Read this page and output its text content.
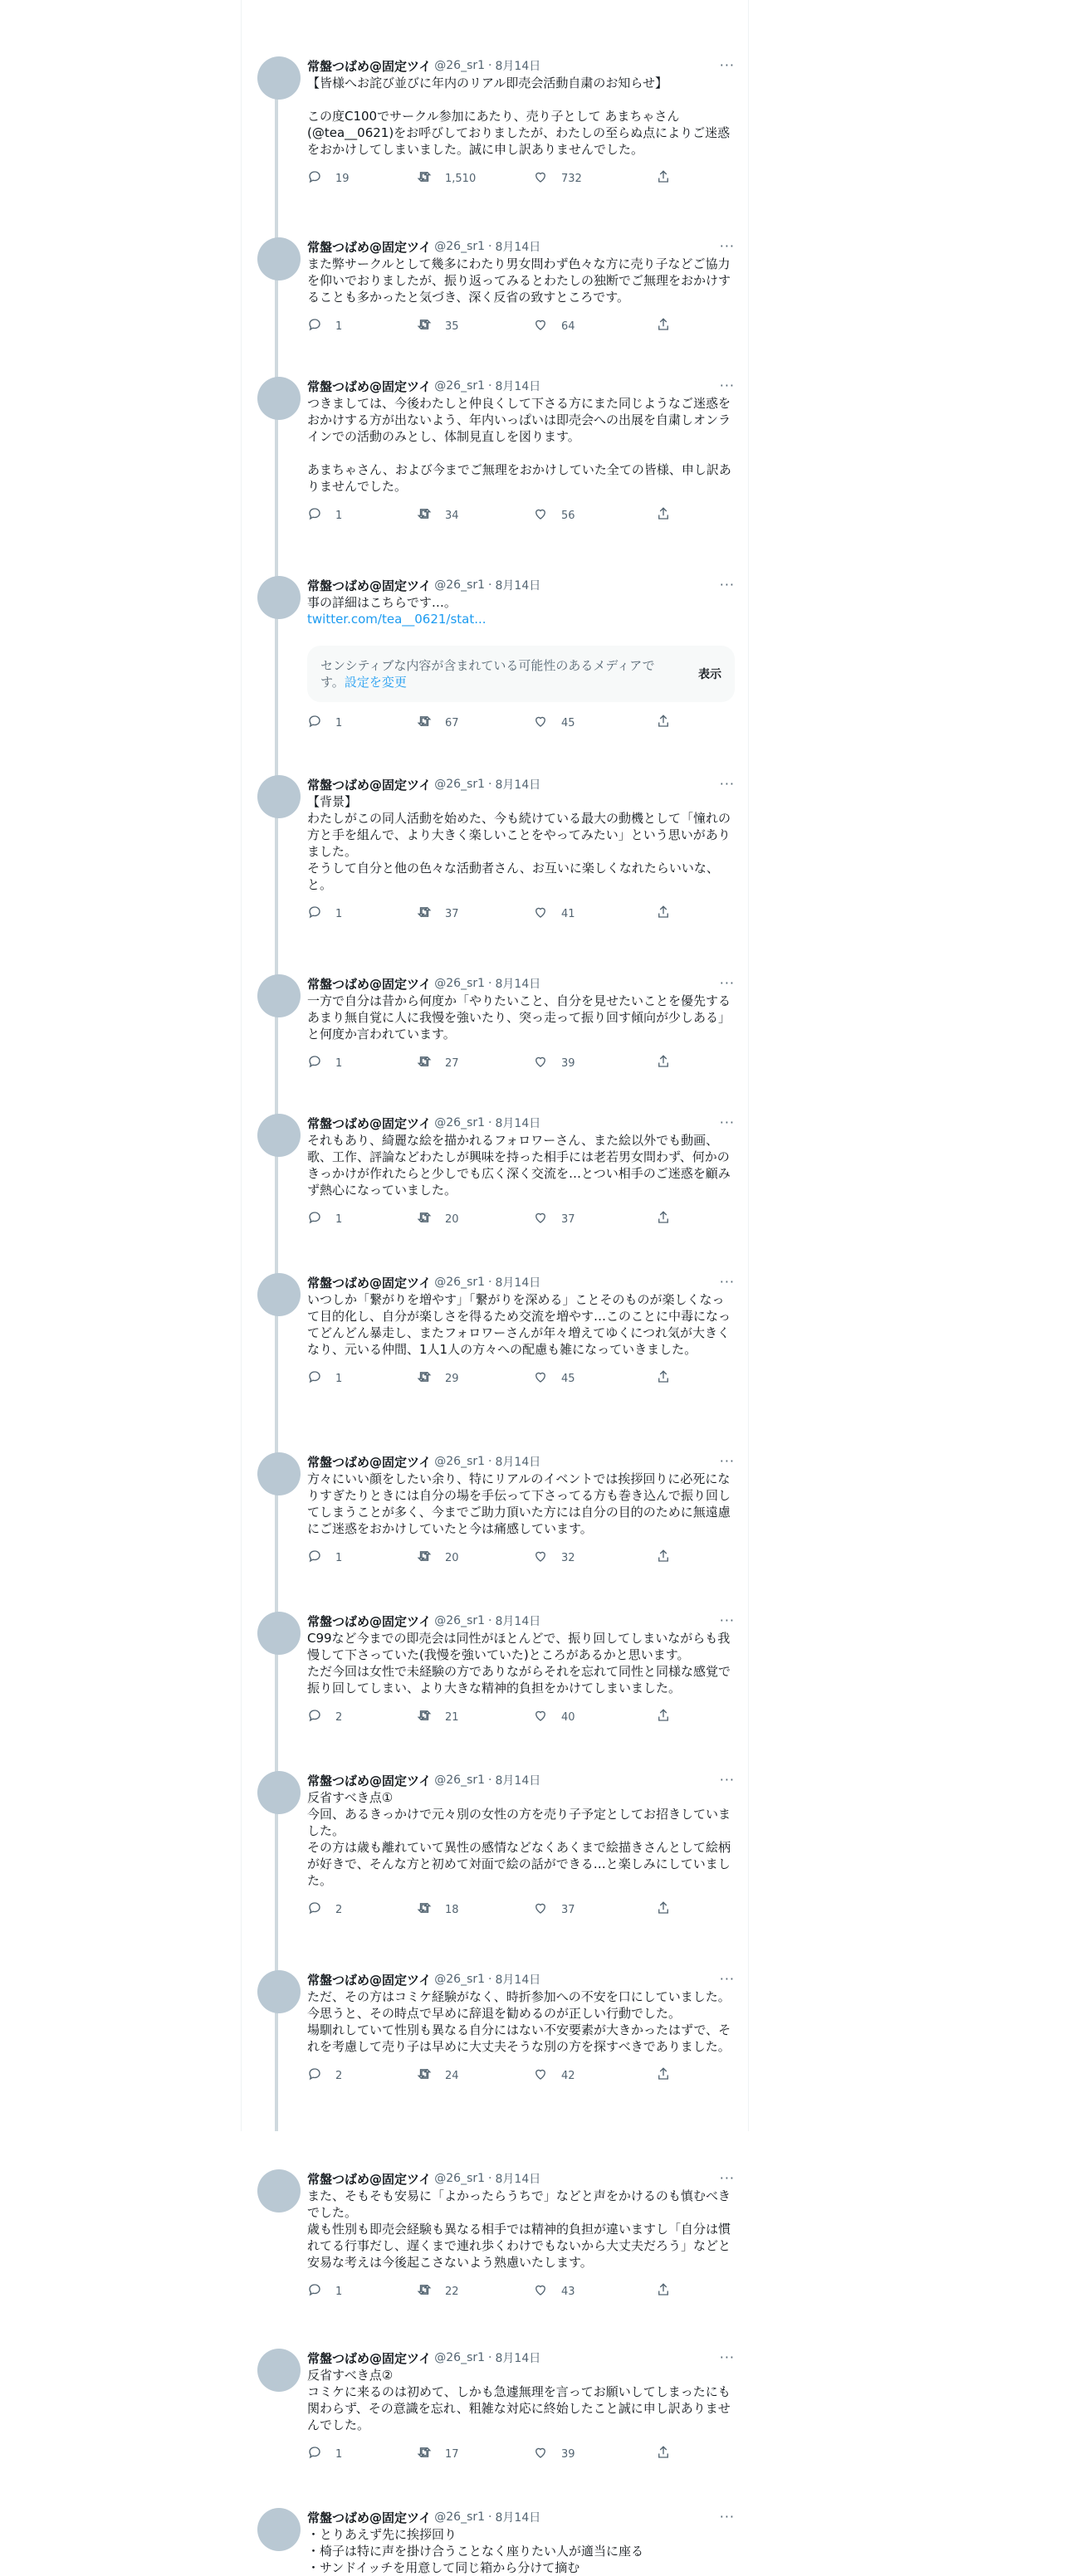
常盤つばめ@固定ツイ @26_sr1 · 8月14日	···
【皆様へお詫び並びに年内のリアル即売会活動自粛のお知らせ】

この度C100でサークル参加にあたり、売り子として あまちゃさん(@tea__0621)をお呼びしておりましたが、わたしの至らぬ点によりご迷惑をおかけしてしまいました。誠に申し訳ありませんでした。
19	1,510	732
常盤つばめ@固定ツイ @26_sr1 · 8月14日	···
また弊サークルとして幾多にわたり男女問わず色々な方に売り子などご協力を仰いでおりましたが、振り返ってみるとわたしの独断でご無理をおかけすることも多かったと気づき、深く反省の致すところです。
1	35	64
常盤つばめ@固定ツイ @26_sr1 · 8月14日	···
つきましては、今後わたしと仲良くして下さる方にまた同じようなご迷惑をおかけする方が出ないよう、年内いっぱいは即売会への出展を自粛しオンラインでの活動のみとし、体制見直しを図ります。

あまちゃさん、および今までご無理をおかけしていた全ての皆様、申し訳ありませんでした。
1	34	56
常盤つばめ@固定ツイ @26_sr1 · 8月14日	···
事の詳細はこちらです…。
twitter.com/tea__0621/stat...
センシティブな内容が含まれている可能性のあるメディアです。設定を変更	表示
1	67	45
常盤つばめ@固定ツイ @26_sr1 · 8月14日	···
【背景】
わたしがこの同人活動を始めた、今も続けている最大の動機として「憧れの方と手を組んで、より大きく楽しいことをやってみたい」という思いがありました。
そうして自分と他の色々な活動者さん、お互いに楽しくなれたらいいな、と。
1	37	41
常盤つばめ@固定ツイ @26_sr1 · 8月14日	···
一方で自分は昔から何度か「やりたいこと、自分を見せたいことを優先するあまり無自覚に人に我慢を強いたり、突っ走って振り回す傾向が少しある」と何度か言われています。
1	27	39
常盤つばめ@固定ツイ @26_sr1 · 8月14日	···
それもあり、綺麗な絵を描かれるフォロワーさん、また絵以外でも動画、歌、工作、評論などわたしが興味を持った相手には老若男女問わず、何かのきっかけが作れたらと少しでも広く深く交流を…とつい相手のご迷惑を顧みず熱心になっていました。
1	20	37
常盤つばめ@固定ツイ @26_sr1 · 8月14日	···
いつしか「繋がりを増やす」「繋がりを深める」ことそのものが楽しくなって目的化し、自分が楽しさを得るため交流を増やす…このことに中毒になってどんどん暴走し、またフォロワーさんが年々増えてゆくにつれ気が大きくなり、元いる仲間、1人1人の方々への配慮も雑になっていきました。
1	29	45
常盤つばめ@固定ツイ @26_sr1 · 8月14日	···
方々にいい顔をしたい余り、特にリアルのイベントでは挨拶回りに必死になりすぎたりときには自分の場を手伝って下さってる方も巻き込んで振り回してしまうことが多く、今までご助力頂いた方には自分の目的のために無遠慮にご迷惑をおかけしていたと今は痛感しています。
1	20	32
常盤つばめ@固定ツイ @26_sr1 · 8月14日	···
C99など今までの即売会は同性がほとんどで、振り回してしまいながらも我慢して下さっていた(我慢を強いていた)ところがあるかと思います。
ただ今回は女性で未経験の方でありながらそれを忘れて同性と同様な感覚で振り回してしまい、より大きな精神的負担をかけてしまいました。
2	21	40
常盤つばめ@固定ツイ @26_sr1 · 8月14日	···
反省すべき点①
今回、あるきっかけで元々別の女性の方を売り子予定としてお招きしていました。
その方は歳も離れていて異性の感情などなくあくまで絵描きさんとして絵柄が好きで、そんな方と初めて対面で絵の話ができる…と楽しみにしていました。
2	18	37
常盤つばめ@固定ツイ @26_sr1 · 8月14日	···
ただ、その方はコミケ経験がなく、時折参加への不安を口にしていました。
今思うと、その時点で早めに辞退を勧めるのが正しい行動でした。
場馴れしていて性別も異なる自分にはない不安要素が大きかったはずで、それを考慮して売り子は早めに大丈夫そうな別の方を探すべきでありました。
2	24	42
常盤つばめ@固定ツイ @26_sr1 · 8月14日	···
また、そもそも安易に「よかったらうちで」などと声をかけるのも慎むべきでした。
歳も性別も即売会経験も異なる相手では精神的負担が違いますし「自分は慣れてる行事だし、遅くまで連れ歩くわけでもないから大丈夫だろう」などと安易な考えは今後起こさないよう熟慮いたします。
1	22	43
常盤つばめ@固定ツイ @26_sr1 · 8月14日	···
反省すべき点②
コミケに来るのは初めて、しかも急遽無理を言ってお願いしてしまったにも関わらず、その意識を忘れ、粗雑な対応に終始したこと誠に申し訳ありませんでした。
1	17	39
常盤つばめ@固定ツイ @26_sr1 · 8月14日	···
・とりあえず先に挨拶回り
・椅子は特に声を掛け合うことなく座りたい人が適当に座る
・サンドイッチを用意して同じ箱から分けて摘む
